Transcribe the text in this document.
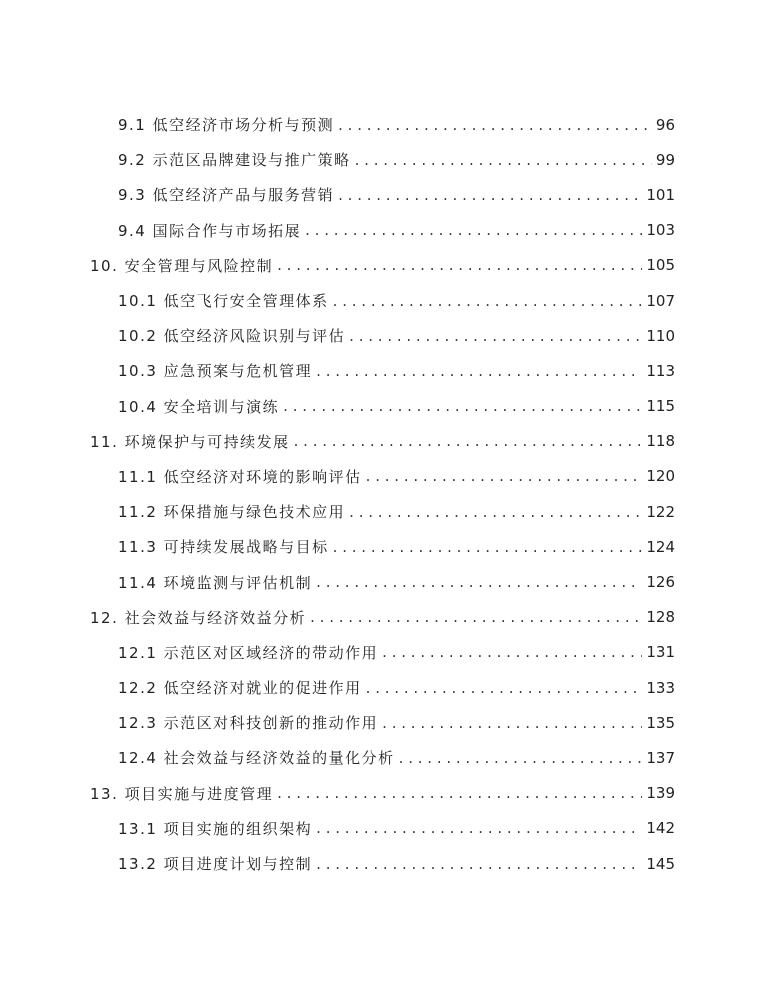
9.1 低空经济市场分析与预测 . . .	96
9.2 示范区品牌建设与推广策略 . . .	99
9.3 低空经济产品与服务营销 . . .	101
9.4 国际合作与市场拓展 . . .	103
10. 安全管理与风险控制 . . .	105
10.1 低空飞行安全管理体系 . . .	107
10.2 低空经济风险识别与评估 . . .	110
10.3 应急预案与危机管理 . . .	113
10.4 安全培训与演练 . . .	115
11. 环境保护与可持续发展 . . .	118
11.1 低空经济对环境的影响评估 . . .	120
11.2 环保措施与绿色技术应用 . . .	122
11.3 可持续发展战略与目标 . . .	124
11.4 环境监测与评估机制 . . .	126
12. 社会效益与经济效益分析 . . .	128
12.1 示范区对区域经济的带动作用 . . .	131
12.2 低空经济对就业的促进作用 . . .	133
12.3 示范区对科技创新的推动作用 . . .	135
12.4 社会效益与经济效益的量化分析 . . .	137
13. 项目实施与进度管理 . . .	139
13.1 项目实施的组织架构 . . .	142
13.2 项目进度计划与控制 . . .	145
